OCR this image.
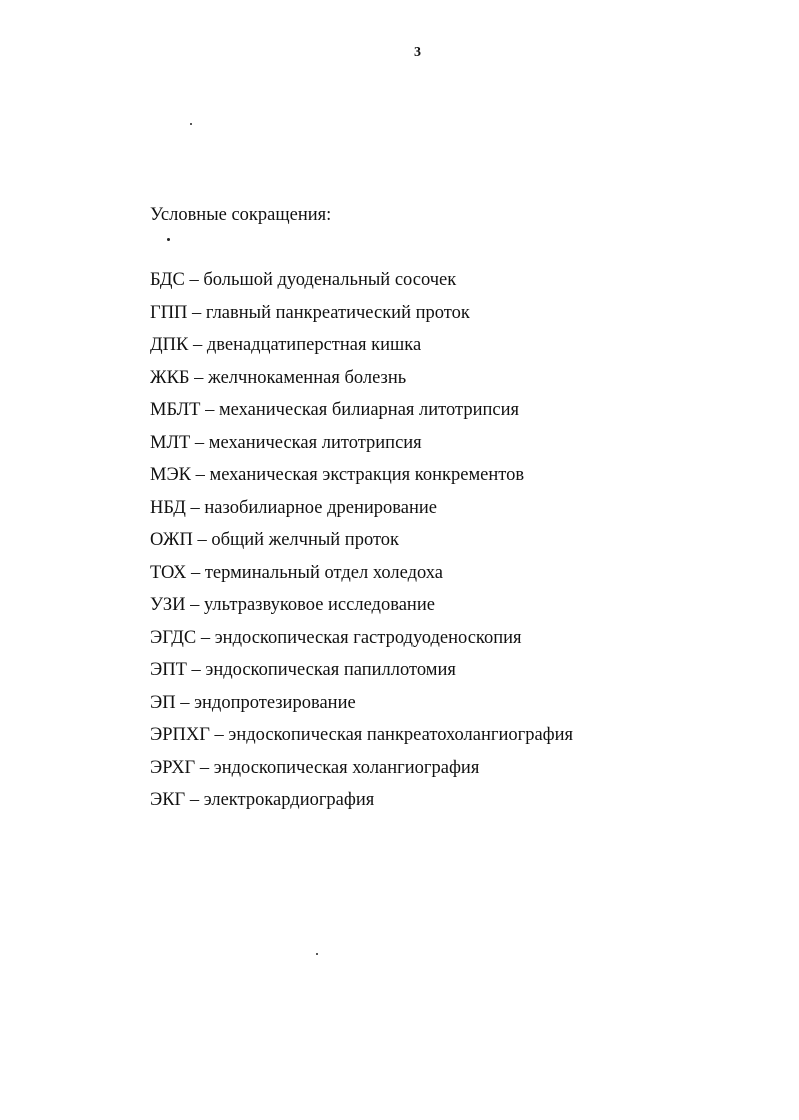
3
Условные сокращения:
БДС – большой дуоденальный сосочек
ГПП – главный панкреатический проток
ДПК – двенадцатиперстная кишка
ЖКБ – желчнокаменная болезнь
МБЛТ – механическая билиарная литотрипсия
МЛТ – механическая литотрипсия
МЭК – механическая экстракция конкрементов
НБД – назобилиарное дренирование
ОЖП – общий желчный проток
ТОХ – терминальный отдел холедоха
УЗИ – ультразвуковое исследование
ЭГДС – эндоскопическая гастродуоденоскопия
ЭПТ – эндоскопическая папиллотомия
ЭП – эндопротезирование
ЭРПХГ – эндоскопическая панкреатохолангиография
ЭРХГ – эндоскопическая холангиография
ЭКГ – электрокардиография
